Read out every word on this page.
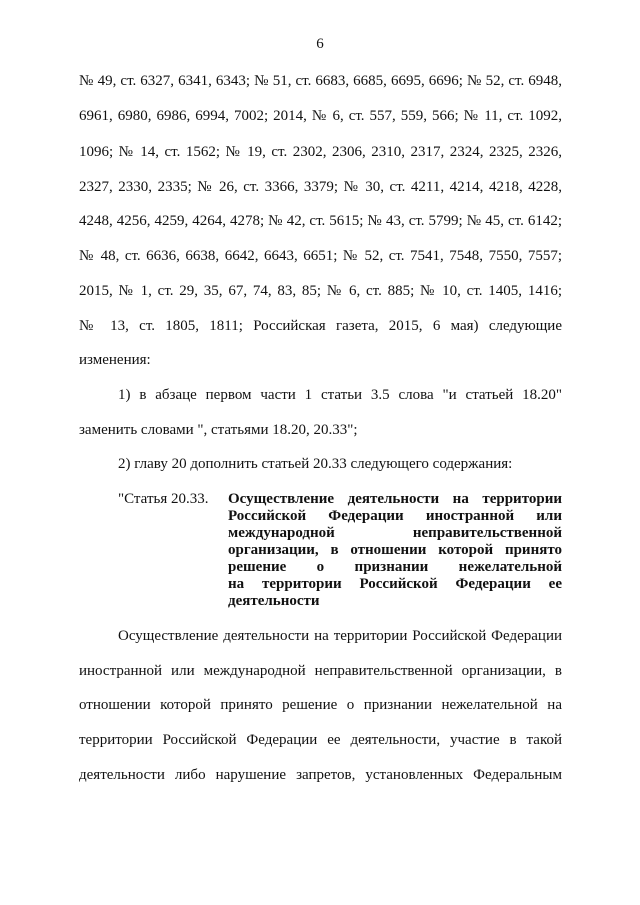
6
№ 49, ст. 6327, 6341, 6343; № 51, ст. 6683, 6685, 6695, 6696; № 52, ст. 6948,
6961, 6980, 6986, 6994, 7002; 2014, № 6, ст. 557, 559, 566; № 11, ст. 1092,
1096; № 14, ст. 1562; № 19, ст. 2302, 2306, 2310, 2317, 2324, 2325, 2326,
2327, 2330, 2335; № 26, ст. 3366, 3379; № 30, ст. 4211, 4214, 4218, 4228,
4248, 4256, 4259, 4264, 4278; № 42, ст. 5615; № 43, ст. 5799; № 45, ст. 6142;
№ 48, ст. 6636, 6638, 6642, 6643, 6651; № 52, ст. 7541, 7548, 7550, 7557;
2015, № 1, ст. 29, 35, 67, 74, 83, 85; № 6, ст. 885; № 10, ст. 1405, 1416;
№ 13, ст. 1805, 1811; Российская газета, 2015, 6 мая) следующие
изменения:
1) в абзаце первом части 1 статьи 3.5 слова "и статьей 18.20"
заменить словами ", статьями 18.20, 20.33";
2) главу 20 дополнить статьей 20.33 следующего содержания:
"Статья 20.33. Осуществление деятельности на территории
Российской Федерации иностранной или
международной неправительственной
организации, в отношении которой принято
решение о признании нежелательной
на территории Российской Федерации ее
деятельности
Осуществление деятельности на территории Российской Федерации
иностранной или международной неправительственной организации, в
отношении которой принято решение о признании нежелательной на
территории Российской Федерации ее деятельности, участие в такой
деятельности либо нарушение запретов, установленных Федеральным
